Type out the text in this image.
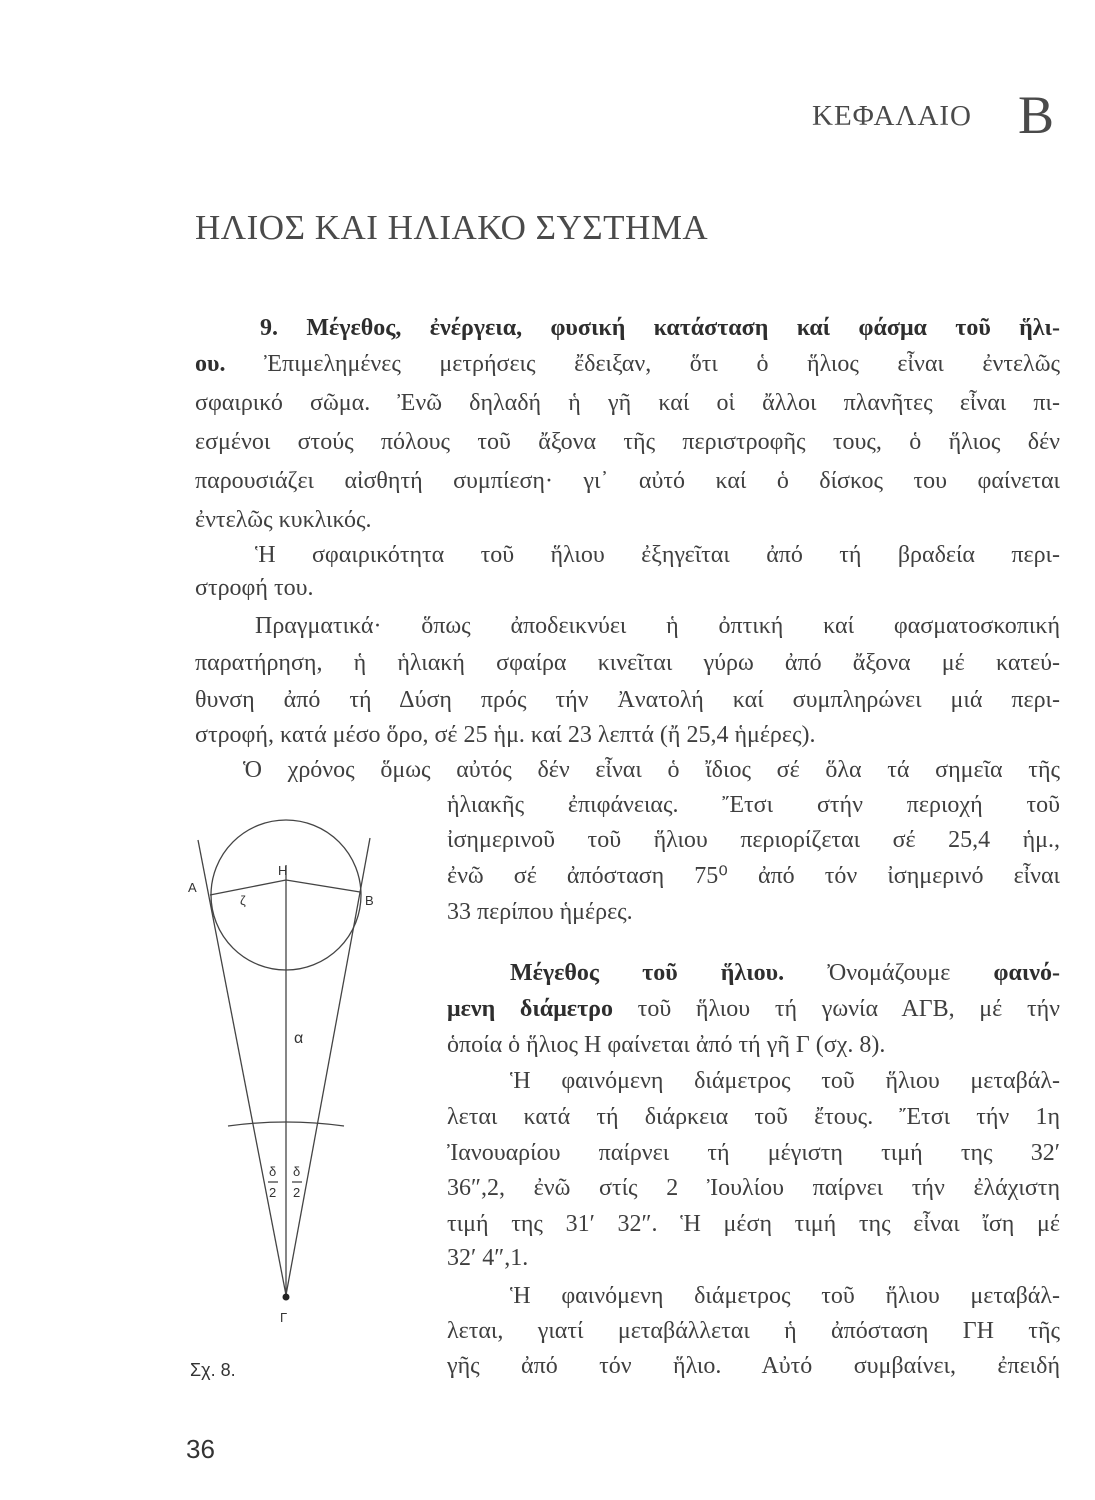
ΚΕΦΑΛΑΙΟ Β
ΗΛΙΟΣ ΚΑΙ ΗΛΙΑΚΟ ΣΥΣΤΗΜΑ
9. Μέγεθος, ἐνέργεια, φυσική κατάσταση καί φάσμα τοῦ ἥλι-
ου. Ἐπιμελημένες μετρήσεις ἔδειξαν, ὅτι ὁ ἥλιος εἶναι ἐντελῶς
σφαιρικό σῶμα. Ἐνῶ δηλαδή ἡ γῆ καί οἱ ἄλλοι πλανῆτες εἶναι πι-
εσμένοι στούς πόλους τοῦ ἄξονα τῆς περιστροφῆς τους, ὁ ἥλιος δέν
παρουσιάζει αἰσθητή συμπίεση· γι᾽ αὐτό καί ὁ δίσκος του φαίνεται
ἐντελῶς κυκλικός.
Ἡ σφαιρικότητα τοῦ ἥλιου ἐξηγεῖται ἀπό τή βραδεία περι-
στροφή του.
Πραγματικά· ὅπως ἀποδεικνύει ἡ ὀπτική καί φασματοσκοπική
παρατήρηση, ἡ ἡλιακή σφαίρα κινεῖται γύρω ἀπό ἄξονα μέ κατεύ-
θυνση ἀπό τή Δύση πρός τήν Ἀνατολή καί συμπληρώνει μιά περι-
στροφή, κατά μέσο ὅρο, σέ 25 ἡμ. καί 23 λεπτά (ἤ 25,4 ἡμέρες).
Ὁ χρόνος ὅμως αὐτός δέν εἶναι ὁ ἴδιος σέ ὅλα τά σημεῖα τῆς
ἡλιακῆς ἐπιφάνειας. Ἔτσι στήν περιοχή τοῦ
ἰσημερινοῦ τοῦ ἥλιου περιορίζεται σέ 25,4 ἡμ.,
ἐνῶ σέ ἀπόσταση 75⁰ ἀπό τόν ἰσημερινό εἶναι
33 περίπου ἡμέρες.
Μέγεθος τοῦ ἥλιου. Ὀνομάζουμε φαινό-
μενη διάμετρο τοῦ ἥλιου τή γωνία ΑΓΒ, μέ τήν
ὁποία ὁ ἥλιος Η φαίνεται ἀπό τή γῆ Γ (σχ. 8).
Ἡ φαινόμενη διάμετρος τοῦ ἥλιου μεταβάλ-
λεται κατά τή διάρκεια τοῦ ἔτους. Ἔτσι τήν 1η
Ἰανουαρίου παίρνει τή μέγιστη τιμή της 32′
36″,2, ἐνῶ στίς 2 Ἰουλίου παίρνει τήν ἐλάχιστη
τιμή της 31′ 32″. Ἡ μέση τιμή της εἶναι ἴση μέ
32′ 4″,1.
Ἡ φαινόμενη διάμετρος τοῦ ἥλιου μεταβάλ-
λεται, γιατί μεταβάλλεται ἡ ἀπόσταση ΓΗ τῆς
γῆς ἀπό τόν ἥλιο. Αὐτό συμβαίνει, ἐπειδή
Α
B
Η
ζ
α
δ
2
δ
2
Γ
Σχ. 8.
36
